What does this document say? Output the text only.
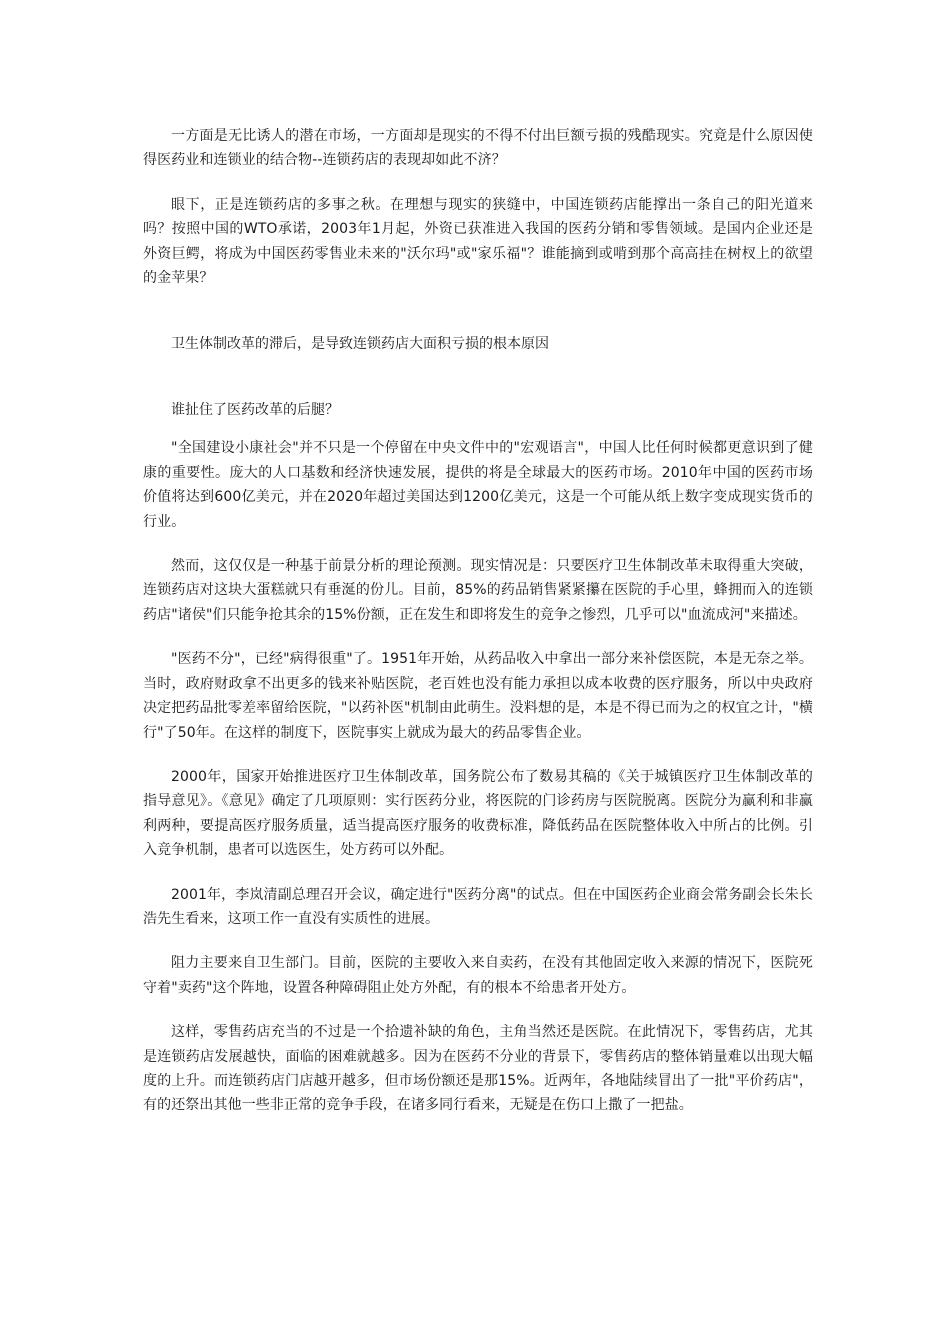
一方面是无比诱人的潜在市场，一方面却是现实的不得不付出巨额亏损的残酷现实。究竟是什么原因使得医药业和连锁业的结合物--连锁药店的表现却如此不济？

眼下，正是连锁药店的多事之秋。在理想与现实的狭缝中，中国连锁药店能撑出一条自己的阳光道来吗？按照中国的WTO承诺，2003年1月起，外资已获准进入我国的医药分销和零售领域。是国内企业还是外资巨鳄，将成为中国医药零售业未来的"沃尔玛"或"家乐福"？谁能摘到或啃到那个高高挂在树杈上的欲望的金苹果？

卫生体制改革的滞后，是导致连锁药店大面积亏损的根本原因

谁扯住了医药改革的后腿？

"全国建设小康社会"并不只是一个停留在中央文件中的"宏观语言"，中国人比任何时候都更意识到了健康的重要性。庞大的人口基数和经济快速发展，提供的将是全球最大的医药市场。2010年中国的医药市场价值将达到600亿美元，并在2020年超过美国达到1200亿美元，这是一个可能从纸上数字变成现实货币的行业。

然而，这仅仅是一种基于前景分析的理论预测。现实情况是：只要医疗卫生体制改革未取得重大突破，连锁药店对这块大蛋糕就只有垂涎的份儿。目前，85%的药品销售紧紧攥在医院的手心里，蜂拥而入的连锁药店"诸侯"们只能争抢其余的15%份额，正在发生和即将发生的竞争之惨烈，几乎可以"血流成河"来描述。

"医药不分"，已经"病得很重"了。1951年开始，从药品收入中拿出一部分来补偿医院，本是无奈之举。当时，政府财政拿不出更多的钱来补贴医院，老百姓也没有能力承担以成本收费的医疗服务，所以中央政府决定把药品批零差率留给医院，"以药补医"机制由此萌生。没料想的是，本是不得已而为之的权宜之计，"横行"了50年。在这样的制度下，医院事实上就成为最大的药品零售企业。

2000年，国家开始推进医疗卫生体制改革，国务院公布了数易其稿的《关于城镇医疗卫生体制改革的指导意见》。《意见》确定了几项原则：实行医药分业，将医院的门诊药房与医院脱离。医院分为赢利和非赢利两种，要提高医疗服务质量，适当提高医疗服务的收费标准，降低药品在医院整体收入中所占的比例。引入竞争机制，患者可以选医生，处方药可以外配。

2001年，李岚清副总理召开会议，确定进行"医药分离"的试点。但在中国医药企业商会常务副会长朱长浩先生看来，这项工作一直没有实质性的进展。

阻力主要来自卫生部门。目前，医院的主要收入来自卖药，在没有其他固定收入来源的情况下，医院死守着"卖药"这个阵地，设置各种障碍阻止处方外配，有的根本不给患者开处方。

这样，零售药店充当的不过是一个拾遗补缺的角色，主角当然还是医院。在此情况下，零售药店，尤其是连锁药店发展越快，面临的困难就越多。因为在医药不分业的背景下，零售药店的整体销量难以出现大幅度的上升。而连锁药店门店越开越多，但市场份额还是那15%。近两年，各地陆续冒出了一批"平价药店"，有的还祭出其他一些非正常的竞争手段，在诸多同行看来，无疑是在伤口上撒了一把盐。
